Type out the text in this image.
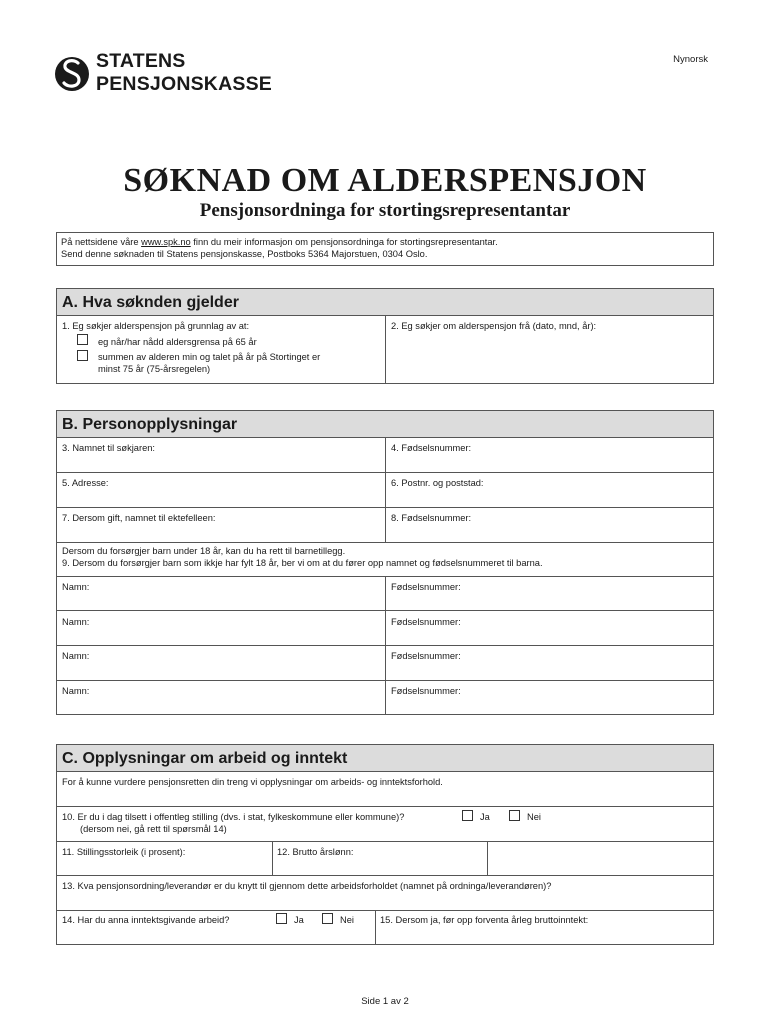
STATENS
PENSJONSKASSE
Nynorsk
SØKNAD OM ALDERSPENSJON
Pensjonsordninga for stortingsrepresentantar
På nettsidene våre www.spk.no finn du meir informasjon om pensjonsordninga for stortingsrepresentantar.
Send denne søknaden til Statens pensjonskasse, Postboks 5364 Majorstuen, 0304 Oslo.
A. Hva søknden gjelder
1. Eg søkjer alderspensjon på grunnlag av at:
eg når/har nådd aldersgrensa på 65 år
summen av alderen min og talet på år på Stortinget er
minst 75 år (75-årsregelen)
2. Eg søkjer om alderspensjon frå (dato, mnd, år):
B. Personopplysningar
3. Namnet til søkjaren:	4. Fødselsnummer:
5. Adresse:	6. Postnr. og poststad:
7. Dersom gift, namnet til ektefelleen:	8. Fødselsnummer:
Dersom du forsørgjer barn under 18 år, kan du ha rett til barnetillegg.
9. Dersom du forsørgjer barn som ikkje har fylt 18 år, ber vi om at du fører opp namnet og fødselsnummeret til barna.
Namn:	Fødselsnummer:
Namn:	Fødselsnummer:
Namn:	Fødselsnummer:
Namn:	Fødselsnummer:
C. Opplysningar om arbeid og inntekt
For å kunne vurdere pensjonsretten din treng vi opplysningar om arbeids- og inntektsforhold.
10. Er du i dag tilsett i offentleg stilling (dvs. i stat, fylkeskommune eller kommune)?
(dersom nei, gå rett til spørsmål 14)
Ja	Nei
11. Stillingsstorleik (i prosent):	12. Brutto årslønn:
13. Kva pensjonsordning/leverandør er du knytt til gjennom dette arbeidsforholdet (namnet på ordninga/leverandøren)?
14. Har du anna inntektsgivande arbeid?	Ja	Nei	15. Dersom ja, før opp forventa årleg bruttoinntekt:
Side 1 av 2
